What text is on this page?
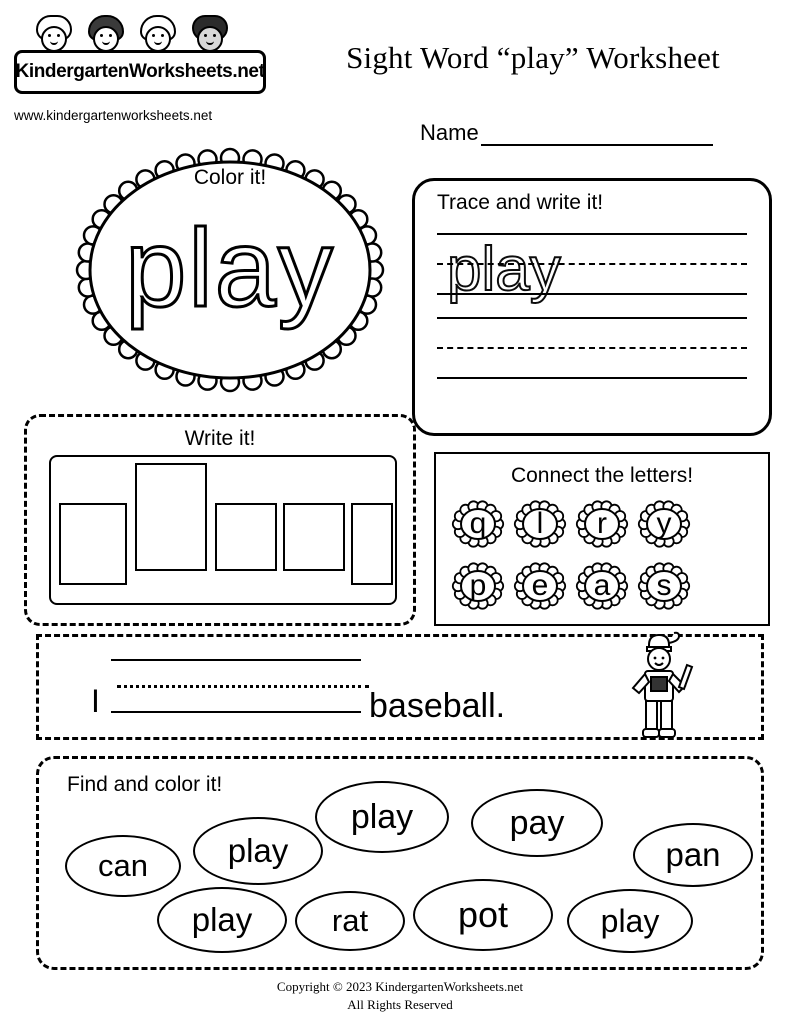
KindergartenWorksheets.net
www.kindergartenworksheets.net
Sight Word “play” Worksheet
Name
Color it!
play
Trace and write it!
play
Write it!
Connect the letters!
q	l	r	y
p	e	a	s
I	baseball.
Find and color it!
play	pay
can	play	pan
play	rat	pot	play
Copyright © 2023 KindergartenWorksheets.net
All Rights Reserved
